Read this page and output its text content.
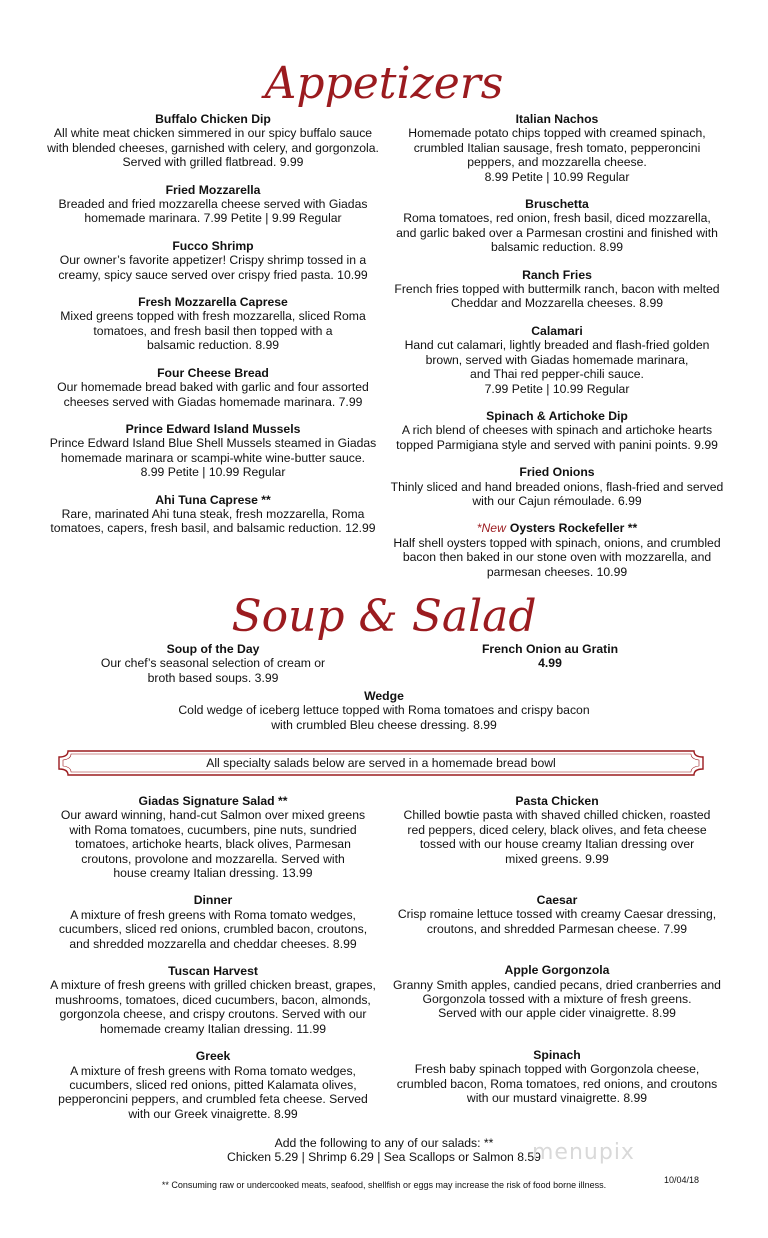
Appetizers
Buffalo Chicken Dip
All white meat chicken simmered in our spicy buffalo sauce
with blended cheeses, garnished with celery, and gorgonzola.
Served with grilled flatbread. 9.99
Fried Mozzarella
Breaded and fried mozzarella cheese served with Giadas
homemade marinara. 7.99 Petite | 9.99 Regular
Fucco Shrimp
Our owner’s favorite appetizer! Crispy shrimp tossed in a
creamy, spicy sauce served over crispy fried pasta. 10.99
Fresh Mozzarella Caprese
Mixed greens topped with fresh mozzarella, sliced Roma
tomatoes, and fresh basil then topped with a
balsamic reduction. 8.99
Four Cheese Bread
Our homemade bread baked with garlic and four assorted
cheeses served with Giadas homemade marinara. 7.99
Prince Edward Island Mussels
Prince Edward Island Blue Shell Mussels steamed in Giadas
homemade marinara or scampi-white wine-butter sauce.
8.99 Petite | 10.99 Regular
Ahi Tuna Caprese **
Rare, marinated Ahi tuna steak, fresh mozzarella, Roma
tomatoes, capers, fresh basil, and balsamic reduction. 12.99
Italian Nachos
Homemade potato chips topped with creamed spinach,
crumbled Italian sausage, fresh tomato, pepperoncini
peppers, and mozzarella cheese.
8.99 Petite | 10.99 Regular
Bruschetta
Roma tomatoes, red onion, fresh basil, diced mozzarella,
and garlic baked over a Parmesan crostini and finished with
balsamic reduction. 8.99
Ranch Fries
French fries topped with buttermilk ranch, bacon with melted
Cheddar and Mozzarella cheeses. 8.99
Calamari
Hand cut calamari, lightly breaded and flash-fried golden
brown, served with Giadas homemade marinara,
and Thai red pepper-chili sauce.
7.99 Petite | 10.99 Regular
Spinach & Artichoke Dip
A rich blend of cheeses with spinach and artichoke hearts
topped Parmigiana style and served with panini points. 9.99
Fried Onions
Thinly sliced and hand breaded onions, flash-fried and served
with our Cajun rémoulade. 6.99
*New Oysters Rockefeller **
Half shell oysters topped with spinach, onions, and crumbled
bacon then baked in our stone oven with mozzarella, and
parmesan cheeses. 10.99
Soup & Salad
Soup of the Day
Our chef’s seasonal selection of cream or
broth based soups. 3.99
French Onion au Gratin
4.99
Wedge
Cold wedge of iceberg lettuce topped with Roma tomatoes and crispy bacon
with crumbled Bleu cheese dressing. 8.99
All specialty salads below are served in a homemade bread bowl
Giadas Signature Salad **
Our award winning, hand-cut Salmon over mixed greens
with Roma tomatoes, cucumbers, pine nuts, sundried
tomatoes, artichoke hearts, black olives, Parmesan
croutons, provolone and mozzarella. Served with
house creamy Italian dressing. 13.99
Dinner
A mixture of fresh greens with Roma tomato wedges,
cucumbers, sliced red onions, crumbled bacon, croutons,
and shredded mozzarella and cheddar cheeses. 8.99
Tuscan Harvest
A mixture of fresh greens with grilled chicken breast, grapes,
mushrooms, tomatoes, diced cucumbers, bacon, almonds,
gorgonzola cheese, and crispy croutons. Served with our
homemade creamy Italian dressing. 11.99
Greek
A mixture of fresh greens with Roma tomato wedges,
cucumbers, sliced red onions, pitted Kalamata olives,
pepperoncini peppers, and crumbled feta cheese. Served
with our Greek vinaigrette. 8.99
Pasta Chicken
Chilled bowtie pasta with shaved chilled chicken, roasted
red peppers, diced celery, black olives, and feta cheese
tossed with our house creamy Italian dressing over
mixed greens. 9.99
Caesar
Crisp romaine lettuce tossed with creamy Caesar dressing,
croutons, and shredded Parmesan cheese. 7.99
Apple Gorgonzola
Granny Smith apples, candied pecans, dried cranberries and
Gorgonzola tossed with a mixture of fresh greens.
Served with our apple cider vinaigrette. 8.99
Spinach
Fresh baby spinach topped with Gorgonzola cheese,
crumbled bacon, Roma tomatoes, red onions, and croutons
with our mustard vinaigrette. 8.99
Add the following to any of our salads: **
Chicken 5.29 | Shrimp 6.29 | Sea Scallops or Salmon 8.59
menupix
10/04/18
** Consuming raw or undercooked meats, seafood, shellfish or eggs may increase the risk of food borne illness.
